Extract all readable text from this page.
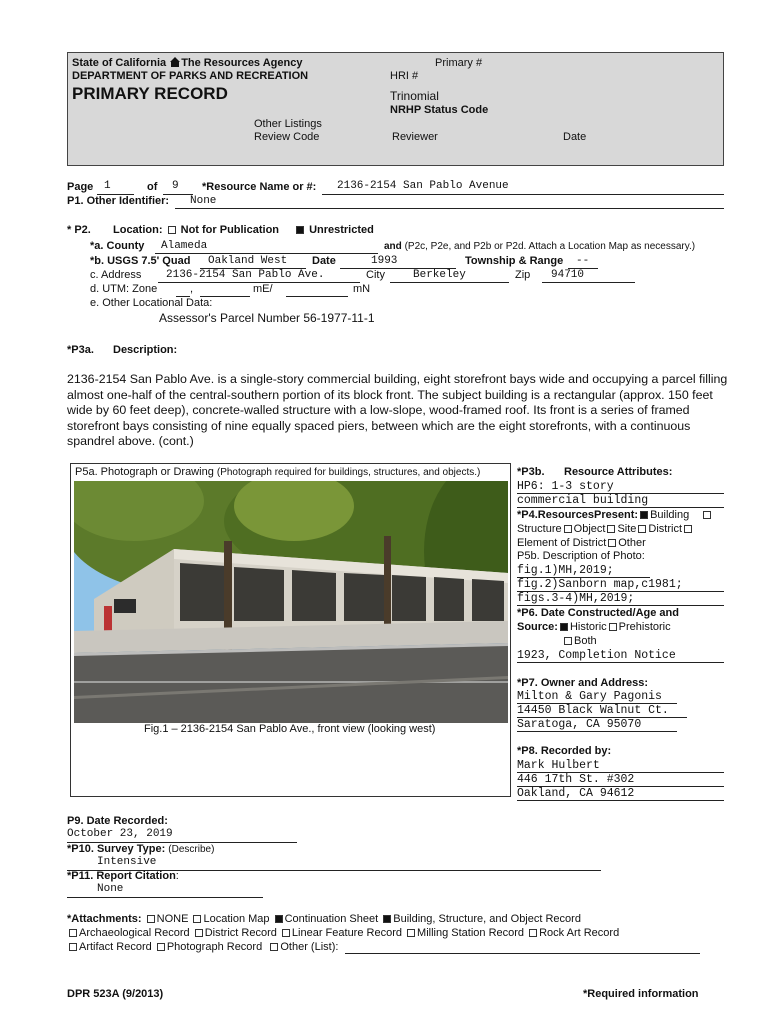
State of California The Resources Agency
DEPARTMENT OF PARKS AND RECREATION
PRIMARY RECORD
Primary #
HRI #
Trinomial
NRHP Status Code
Other Listings
Review Code	Reviewer	Date
Page 1	of 9 *Resource Name or #: 2136-2154 San Pablo Avenue
P1. Other Identifier: None
* P2. Location: Not for Publication	Unrestricted
*a. County Alameda	and (P2c, P2e, and P2b or P2d. Attach a Location Map as necessary.)
*b. USGS 7.5' Quad Oakland West Date	1993	Township & Range --
c. Address 2136-2154 San Pablo Ave.	City	Berkeley	Zip 94710
d. UTM: Zone	,	mE/	mN
e. Other Locational Data:
Assessor's Parcel Number 56-1977-11-1
*P3a. Description:
2136-2154 San Pablo Ave. is a single-story commercial building, eight storefront bays wide and occupying a parcel filling almost one-half of the central-southern portion of its block front. The subject building is a rectangular (approx. 150 feet wide by 60 feet deep), concrete-walled structure with a low-slope, wood-framed roof. Its front is a series of framed storefront bays consisting of nine equally spaced piers, between which are the eight storefronts, with a continuous spandrel above. (cont.)
P5a. Photograph or Drawing (Photograph required for buildings, structures, and objects.)
Fig.1 – 2136-2154 San Pablo Ave., front view (looking west)
*P3b. Resource Attributes:
HP6: 1-3 story
commercial building
*P4.ResourcesPresent: Building
Structure Object Site District
Element of District Other
P5b. Description of Photo:
fig.1)MH,2019;
fig.2)Sanborn map,c1981;
figs.3-4)MH,2019;
*P6. Date Constructed/Age and
Source: Historic Prehistoric
Both
1923, Completion Notice
*P7. Owner and Address:
Milton & Gary Pagonis
14450 Black Walnut Ct.
Saratoga, CA 95070
*P8. Recorded by:
Mark Hulbert
446 17th St. #302
Oakland, CA 94612
P9. Date Recorded:
October 23, 2019
*P10. Survey Type: (Describe)
Intensive
*P11. Report Citation:
None
*Attachments: NONE Location Map Continuation Sheet Building, Structure, and Object Record
Archaeological Record District Record Linear Feature Record Milling Station Record Rock Art Record
Artifact Record Photograph Record Other (List):
DPR 523A (9/2013)	*Required information
